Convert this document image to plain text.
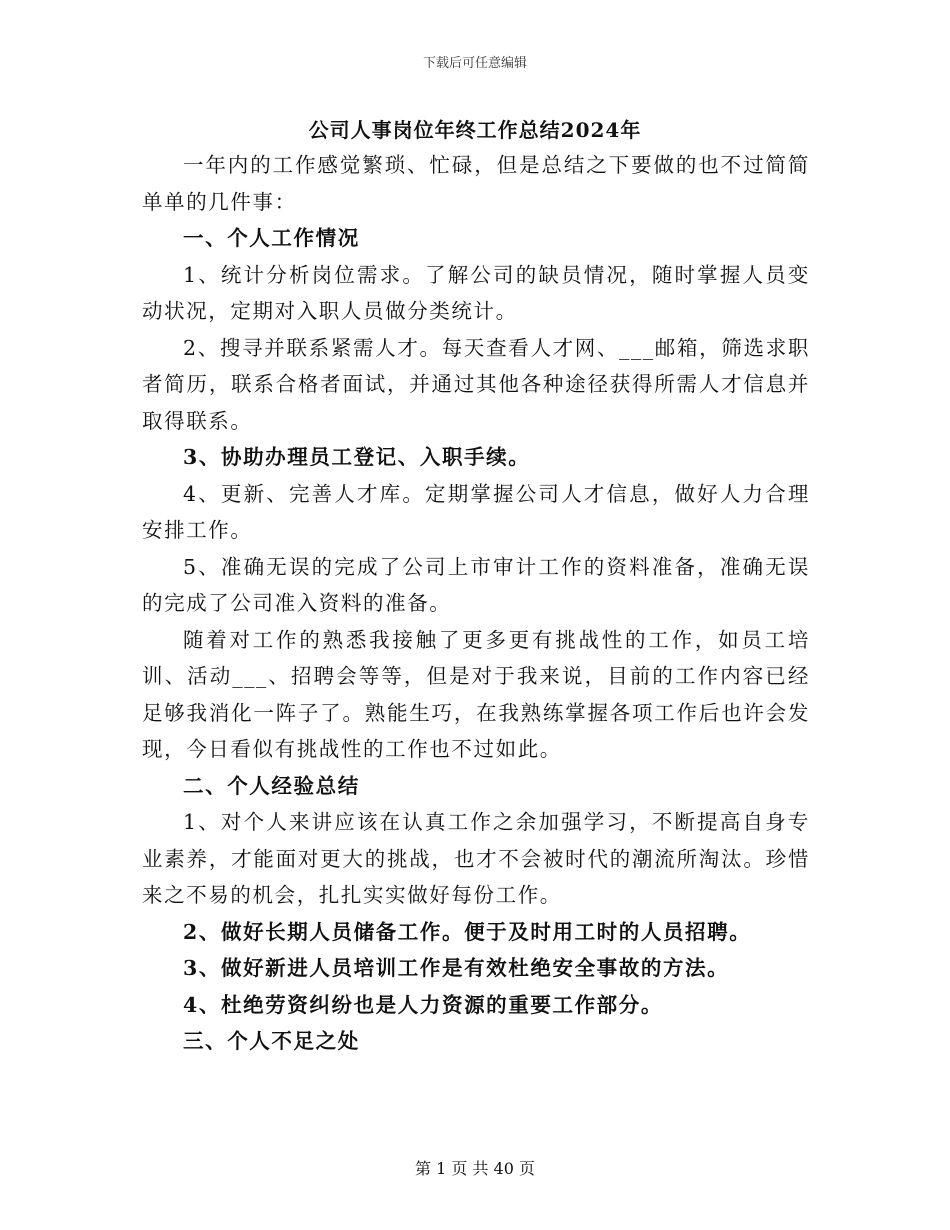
下载后可任意编辑
公司人事岗位年终工作总结2024年

一年内的工作感觉繁琐、忙碌，但是总结之下要做的也不过简简单单的几件事：

一、个人工作情况

1、统计分析岗位需求。了解公司的缺员情况，随时掌握人员变动状况，定期对入职人员做分类统计。

2、搜寻并联系紧需人才。每天查看人才网、___邮箱，筛选求职者简历，联系合格者面试，并通过其他各种途径获得所需人才信息并取得联系。

3、协助办理员工登记、入职手续。

4、更新、完善人才库。定期掌握公司人才信息，做好人力合理安排工作。

5、准确无误的完成了公司上市审计工作的资料准备，准确无误的完成了公司准入资料的准备。

随着对工作的熟悉我接触了更多更有挑战性的工作，如员工培训、活动___、招聘会等等，但是对于我来说，目前的工作内容已经足够我消化一阵子了。熟能生巧，在我熟练掌握各项工作后也许会发现，今日看似有挑战性的工作也不过如此。

二、个人经验总结

1、对个人来讲应该在认真工作之余加强学习，不断提高自身专业素养，才能面对更大的挑战，也才不会被时代的潮流所淘汰。珍惜来之不易的机会，扎扎实实做好每份工作。

2、做好长期人员储备工作。便于及时用工时的人员招聘。

3、做好新进人员培训工作是有效杜绝安全事故的方法。

4、杜绝劳资纠纷也是人力资源的重要工作部分。

三、个人不足之处

第 1 页 共 40 页
